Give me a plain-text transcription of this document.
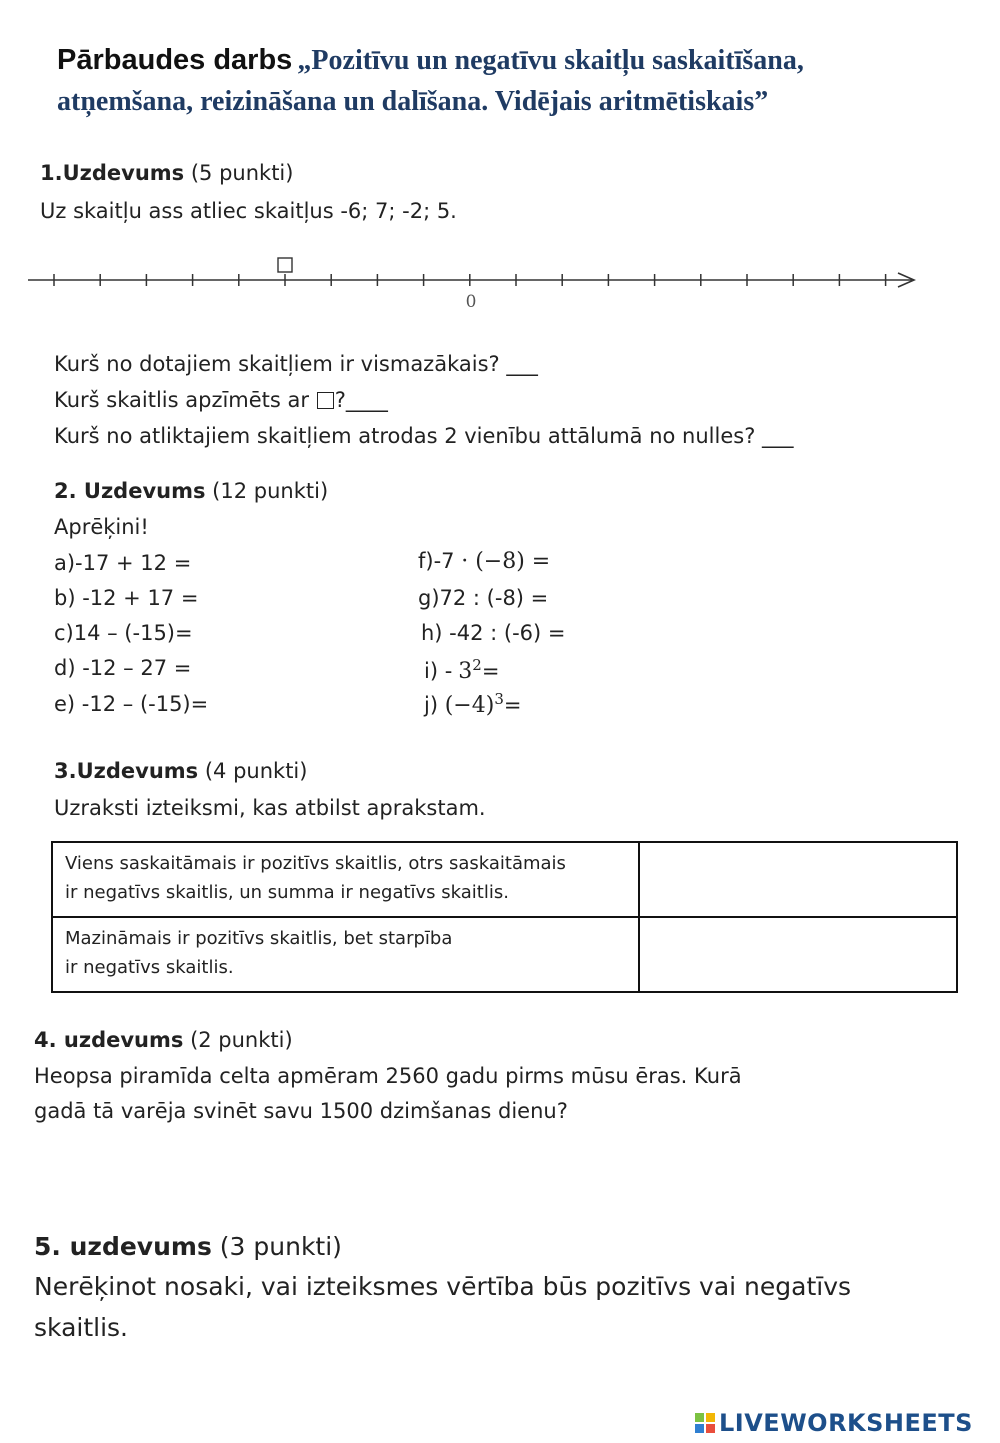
Pārbaudes darbs „Pozitīvu un negatīvu skaitļu saskaitīšana,
atņemšana, reizināšana un dalīšana. Vidējais aritmētiskais”
1.Uzdevums (5 punkti)
Uz skaitļu ass atliec skaitļus -6; 7; -2; 5.
0
Kurš no dotajiem skaitļiem ir vismazākais? ___
Kurš skaitlis apzīmēts ar ?____
Kurš no atliktajiem skaitļiem atrodas 2 vienību attālumā no nulles? ___
2. Uzdevums (12 punkti)
Aprēķini!
a)-17 + 12 =
b) -12 + 17 =
c)14 – (-15)=
d) -12 – 27 =
e) -12 – (-15)=
f)-7 · (−8) =
g)72 : (-8) =
h) -42 : (-6) =
$i) - 3^2=$
j) $(-4)^3=$
3.Uzdevums (4 punkti)
Uzraksti izteiksmi, kas atbilst aprakstam.
Viens saskaitāmais ir pozitīvs skaitlis, otrs saskaitāmais
ir negatīvs skaitlis, un summa ir negatīvs skaitlis.	

Mazināmais ir pozitīvs skaitlis, bet starpība
ir negatīvs skaitlis.	

4. uzdevums (2 punkti)
Heopsa piramīda celta apmēram 2560 gadu pirms mūsu ēras. Kurā
gadā tā varēja svinēt savu 1500 dzimšanas dienu?
5. uzdevums (3 punkti)
Nerēķinot nosaki, vai izteiksmes vērtība būs pozitīvs vai negatīvs
skaitlis.
LIVEWORKSHEETS
